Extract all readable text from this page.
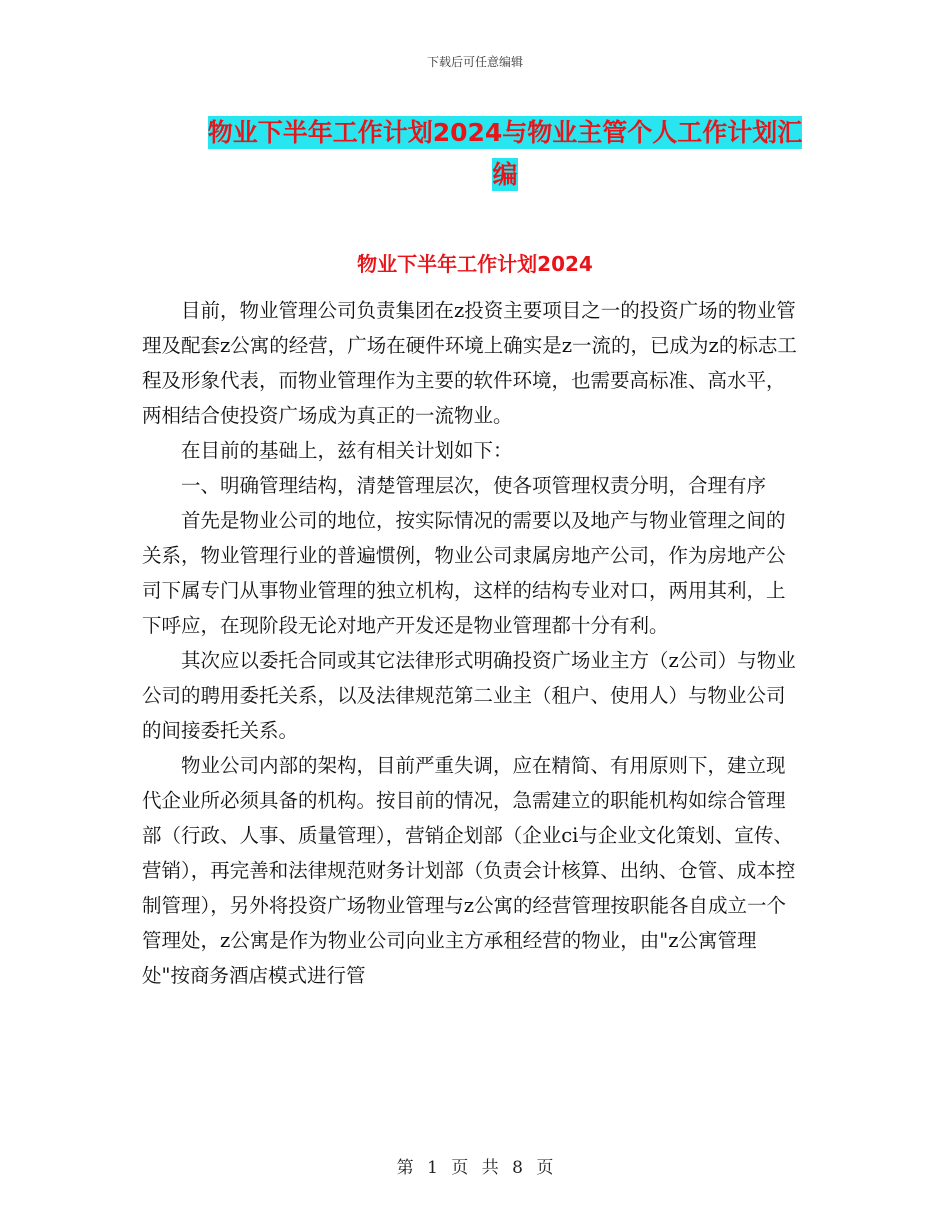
下载后可任意编辑
物业下半年工作计划2024与物业主管个人工作计划汇
编
物业下半年工作计划2024

目前，物业管理公司负责集团在z投资主要项目之一的投资广场的物业管理及配套z公寓的经营，广场在硬件环境上确实是z一流的，已成为z的标志工程及形象代表，而物业管理作为主要的软件环境，也需要高标准、高水平，两相结合使投资广场成为真正的一流物业。

在目前的基础上，兹有相关计划如下：

一、明确管理结构，清楚管理层次，使各项管理权责分明，合理有序

首先是物业公司的地位，按实际情况的需要以及地产与物业管理之间的关系，物业管理行业的普遍惯例，物业公司隶属房地产公司，作为房地产公司下属专门从事物业管理的独立机构，这样的结构专业对口，两用其利，上下呼应，在现阶段无论对地产开发还是物业管理都十分有利。

其次应以委托合同或其它法律形式明确投资广场业主方（z公司）与物业公司的聘用委托关系，以及法律规范第二业主（租户、使用人）与物业公司的间接委托关系。

物业公司内部的架构，目前严重失调，应在精简、有用原则下，建立现代企业所必须具备的机构。按目前的情况，急需建立的职能机构如综合管理部（行政、人事、质量管理），营销企划部（企业ci与企业文化策划、宣传、营销），再完善和法律规范财务计划部（负责会计核算、出纳、仓管、成本控制管理），另外将投资广场物业管理与z公寓的经营管理按职能各自成立一个管理处，z公寓是作为物业公司向业主方承租经营的物业，由"z公寓管理处"按商务酒店模式进行管

第 1 页 共 8 页
